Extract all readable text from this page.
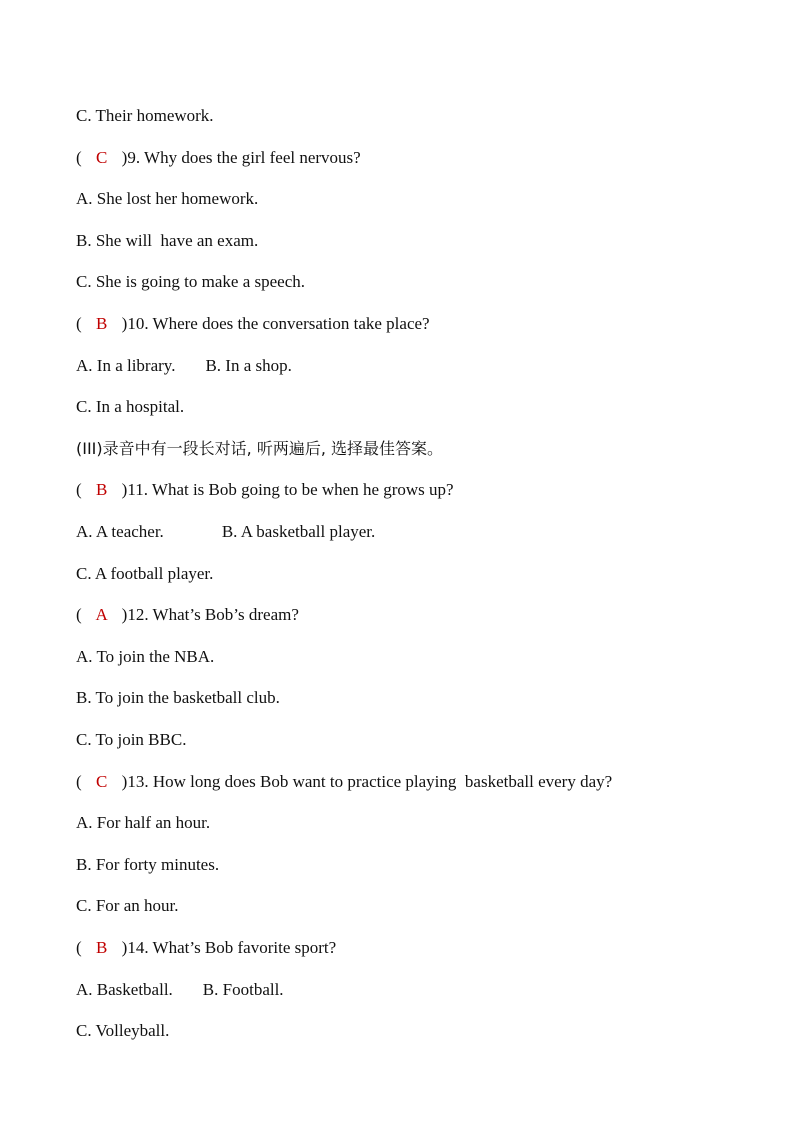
C. Their homework.
( C )9. Why does the girl feel nervous?
A. She lost her homework.
B. She will  have an exam.
C. She is going to make a speech.
( B )10. Where does the conversation take place?
A. In a library. B. In a shop.
C. In a hospital.
(III)录音中有一段长对话, 听两遍后, 选择最佳答案。
( B )11. What is Bob going to be when he grows up?
A. A teacher.	B. A basketball player.
C. A football player.
( A )12. What’s Bob’s dream?
A. To join the NBA.
B. To join the basketball club.
C. To join BBC.
( C )13. How long does Bob want to practice playing  basketball every day?
A. For half an hour.
B. For forty minutes.
C. For an hour.
( B )14. What’s Bob favorite sport?
A. Basketball. B. Football.
C. Volleyball.
